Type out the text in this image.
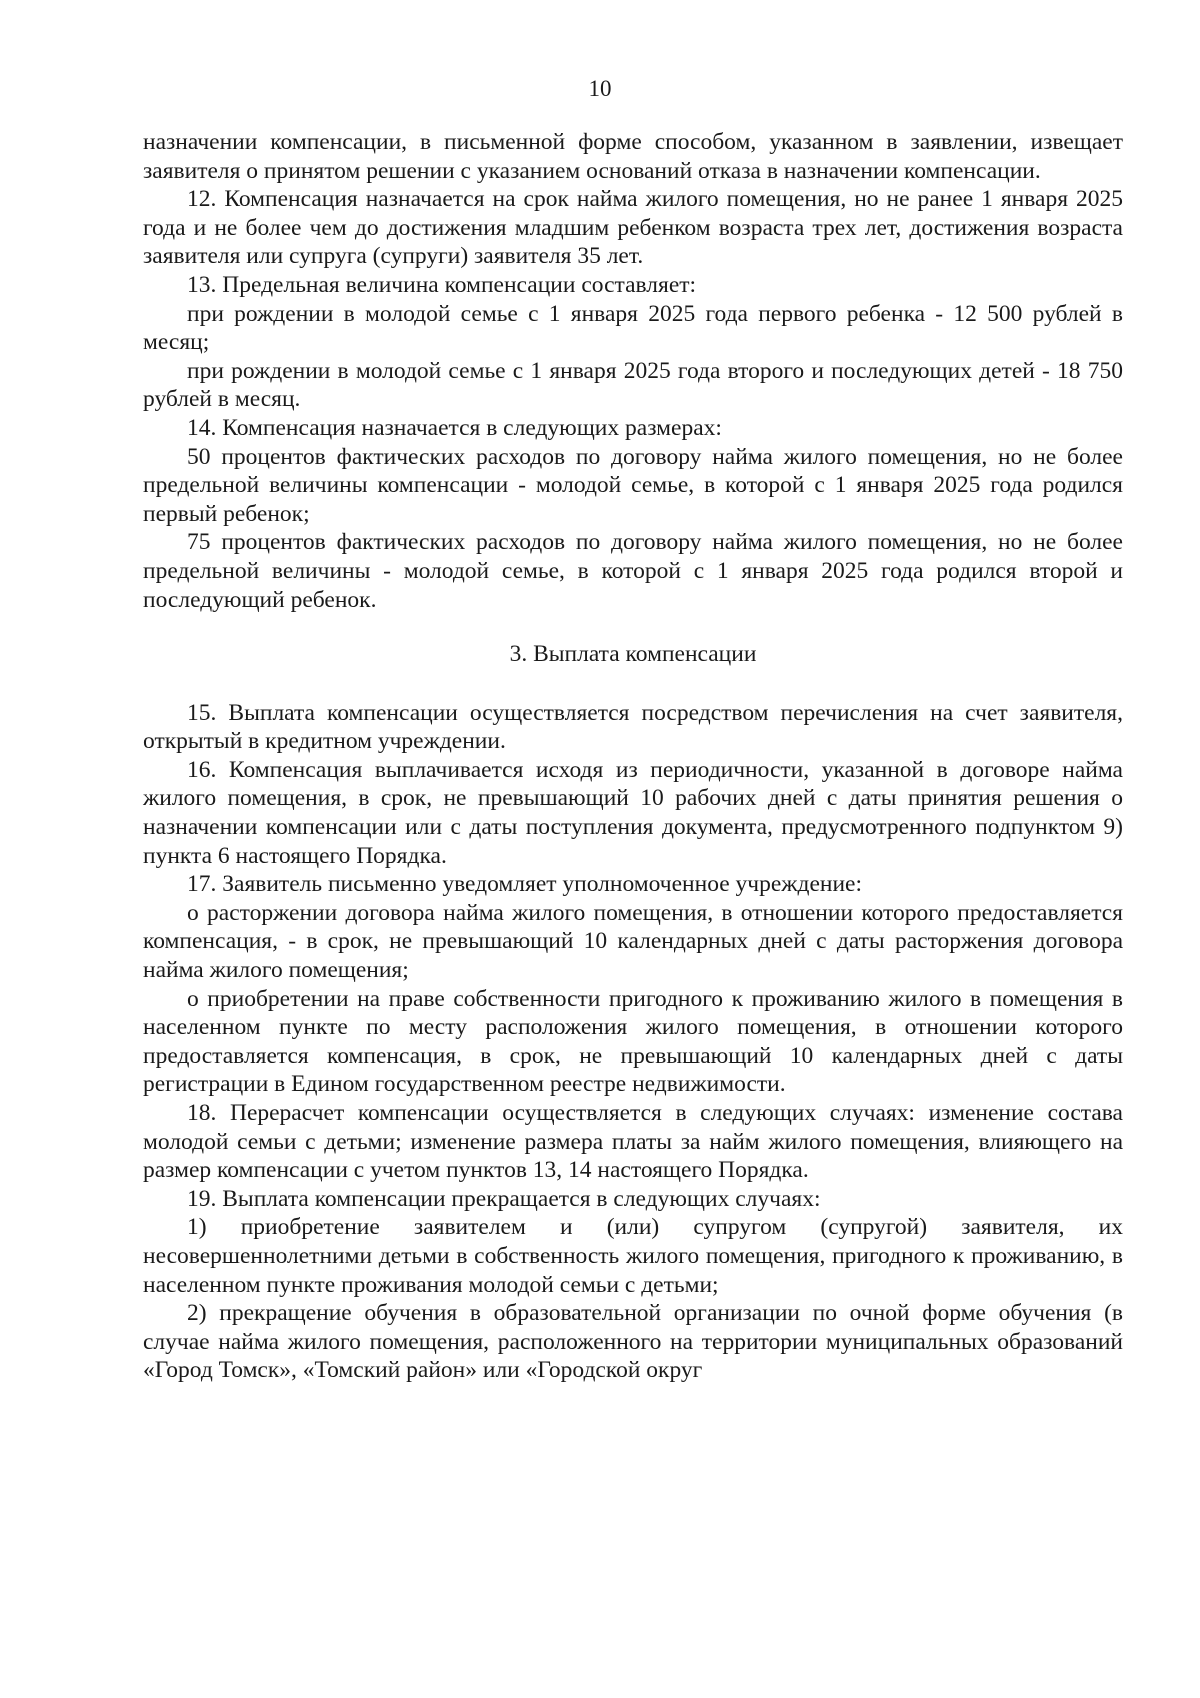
10

назначении компенсации, в письменной форме способом, указанном в заявлении, извещает заявителя о принятом решении с указанием оснований отказа в назначении компенсации.

12. Компенсация назначается на срок найма жилого помещения, но не ранее 1 января 2025 года и не более чем до достижения младшим ребенком возраста трех лет, достижения возраста заявителя или супруга (супруги) заявителя 35 лет.

13. Предельная величина компенсации составляет:

при рождении в молодой семье с 1 января 2025 года первого ребенка - 12 500 рублей в месяц;

при рождении в молодой семье с 1 января 2025 года второго и последующих детей - 18 750 рублей в месяц.

14. Компенсация назначается в следующих размерах:

50 процентов фактических расходов по договору найма жилого помещения, но не более предельной величины компенсации - молодой семье, в которой с 1 января 2025 года родился первый ребенок;

75 процентов фактических расходов по договору найма жилого помещения, но не более предельной величины - молодой семье, в которой с 1 января 2025 года родился второй и последующий ребенок.

3. Выплата компенсации

15. Выплата компенсации осуществляется посредством перечисления на счет заявителя, открытый в кредитном учреждении.

16. Компенсация выплачивается исходя из периодичности, указанной в договоре найма жилого помещения, в срок, не превышающий 10 рабочих дней с даты принятия решения о назначении компенсации или с даты поступления документа, предусмотренного подпунктом 9) пункта 6 настоящего Порядка.

17. Заявитель письменно уведомляет уполномоченное учреждение:

о расторжении договора найма жилого помещения, в отношении которого предоставляется компенсация, - в срок, не превышающий 10 календарных дней с даты расторжения договора найма жилого помещения;

о приобретении на праве собственности пригодного к проживанию жилого в помещения в населенном пункте по месту расположения жилого помещения, в отношении которого предоставляется компенсация, в срок, не превышающий 10 календарных дней с даты регистрации в Едином государственном реестре недвижимости.

18. Перерасчет компенсации осуществляется в следующих случаях: изменение состава молодой семьи с детьми; изменение размера платы за найм жилого помещения, влияющего на размер компенсации с учетом пунктов 13, 14 настоящего Порядка.

19. Выплата компенсации прекращается в следующих случаях:

1) приобретение заявителем и (или) супругом (супругой) заявителя, их несовершеннолетними детьми в собственность жилого помещения, пригодного к проживанию, в населенном пункте проживания молодой семьи с детьми;

2) прекращение обучения в образовательной организации по очной форме обучения (в случае найма жилого помещения, расположенного на территории муниципальных образований «Город Томск», «Томский район» или «Городской округ
